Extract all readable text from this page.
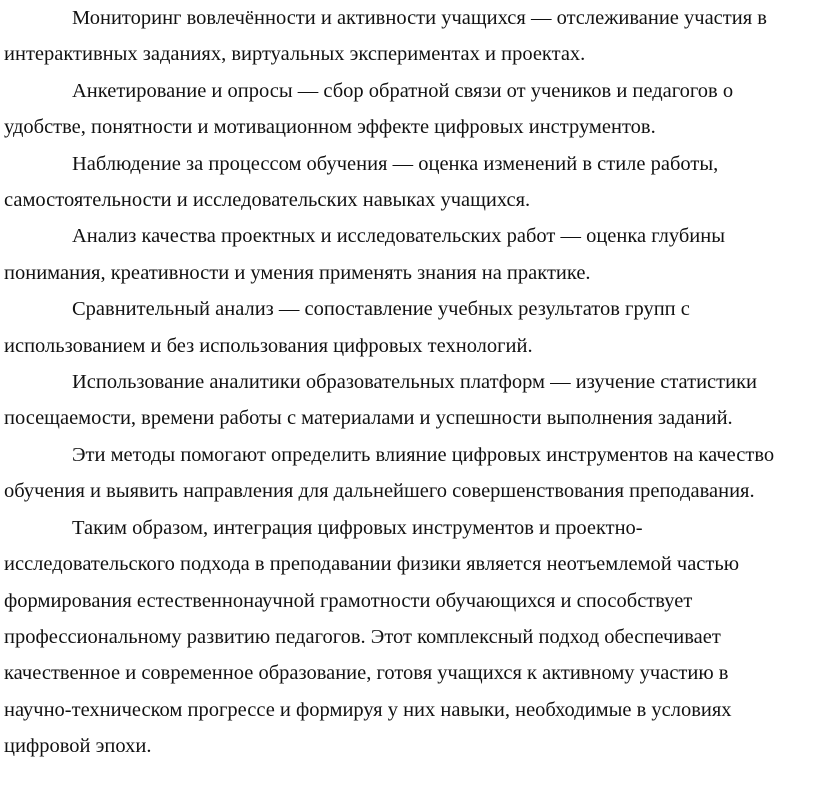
Мониторинг вовлечённости и активности учащихся — отслеживание участия в
интерактивных заданиях, виртуальных экспериментах и проектах.

Анкетирование и опросы — сбор обратной связи от учеников и педагогов о
удобстве, понятности и мотивационном эффекте цифровых инструментов.

Наблюдение за процессом обучения — оценка изменений в стиле работы,
самостоятельности и исследовательских навыках учащихся.

Анализ качества проектных и исследовательских работ — оценка глубины
понимания, креативности и умения применять знания на практике.

Сравнительный анализ — сопоставление учебных результатов групп с
использованием и без использования цифровых технологий.

Использование аналитики образовательных платформ — изучение статистики
посещаемости, времени работы с материалами и успешности выполнения заданий.

Эти методы помогают определить влияние цифровых инструментов на качество
обучения и выявить направления для дальнейшего совершенствования преподавания.

Таким образом, интеграция цифровых инструментов и проектно-
исследовательского подхода в преподавании физики является неотъемлемой частью
формирования естественнонаучной грамотности обучающихся и способствует
профессиональному развитию педагогов. Этот комплексный подход обеспечивает
качественное и современное образование, готовя учащихся к активному участию в
научно-техническом прогрессе и формируя у них навыки, необходимые в условиях
цифровой эпохи.
